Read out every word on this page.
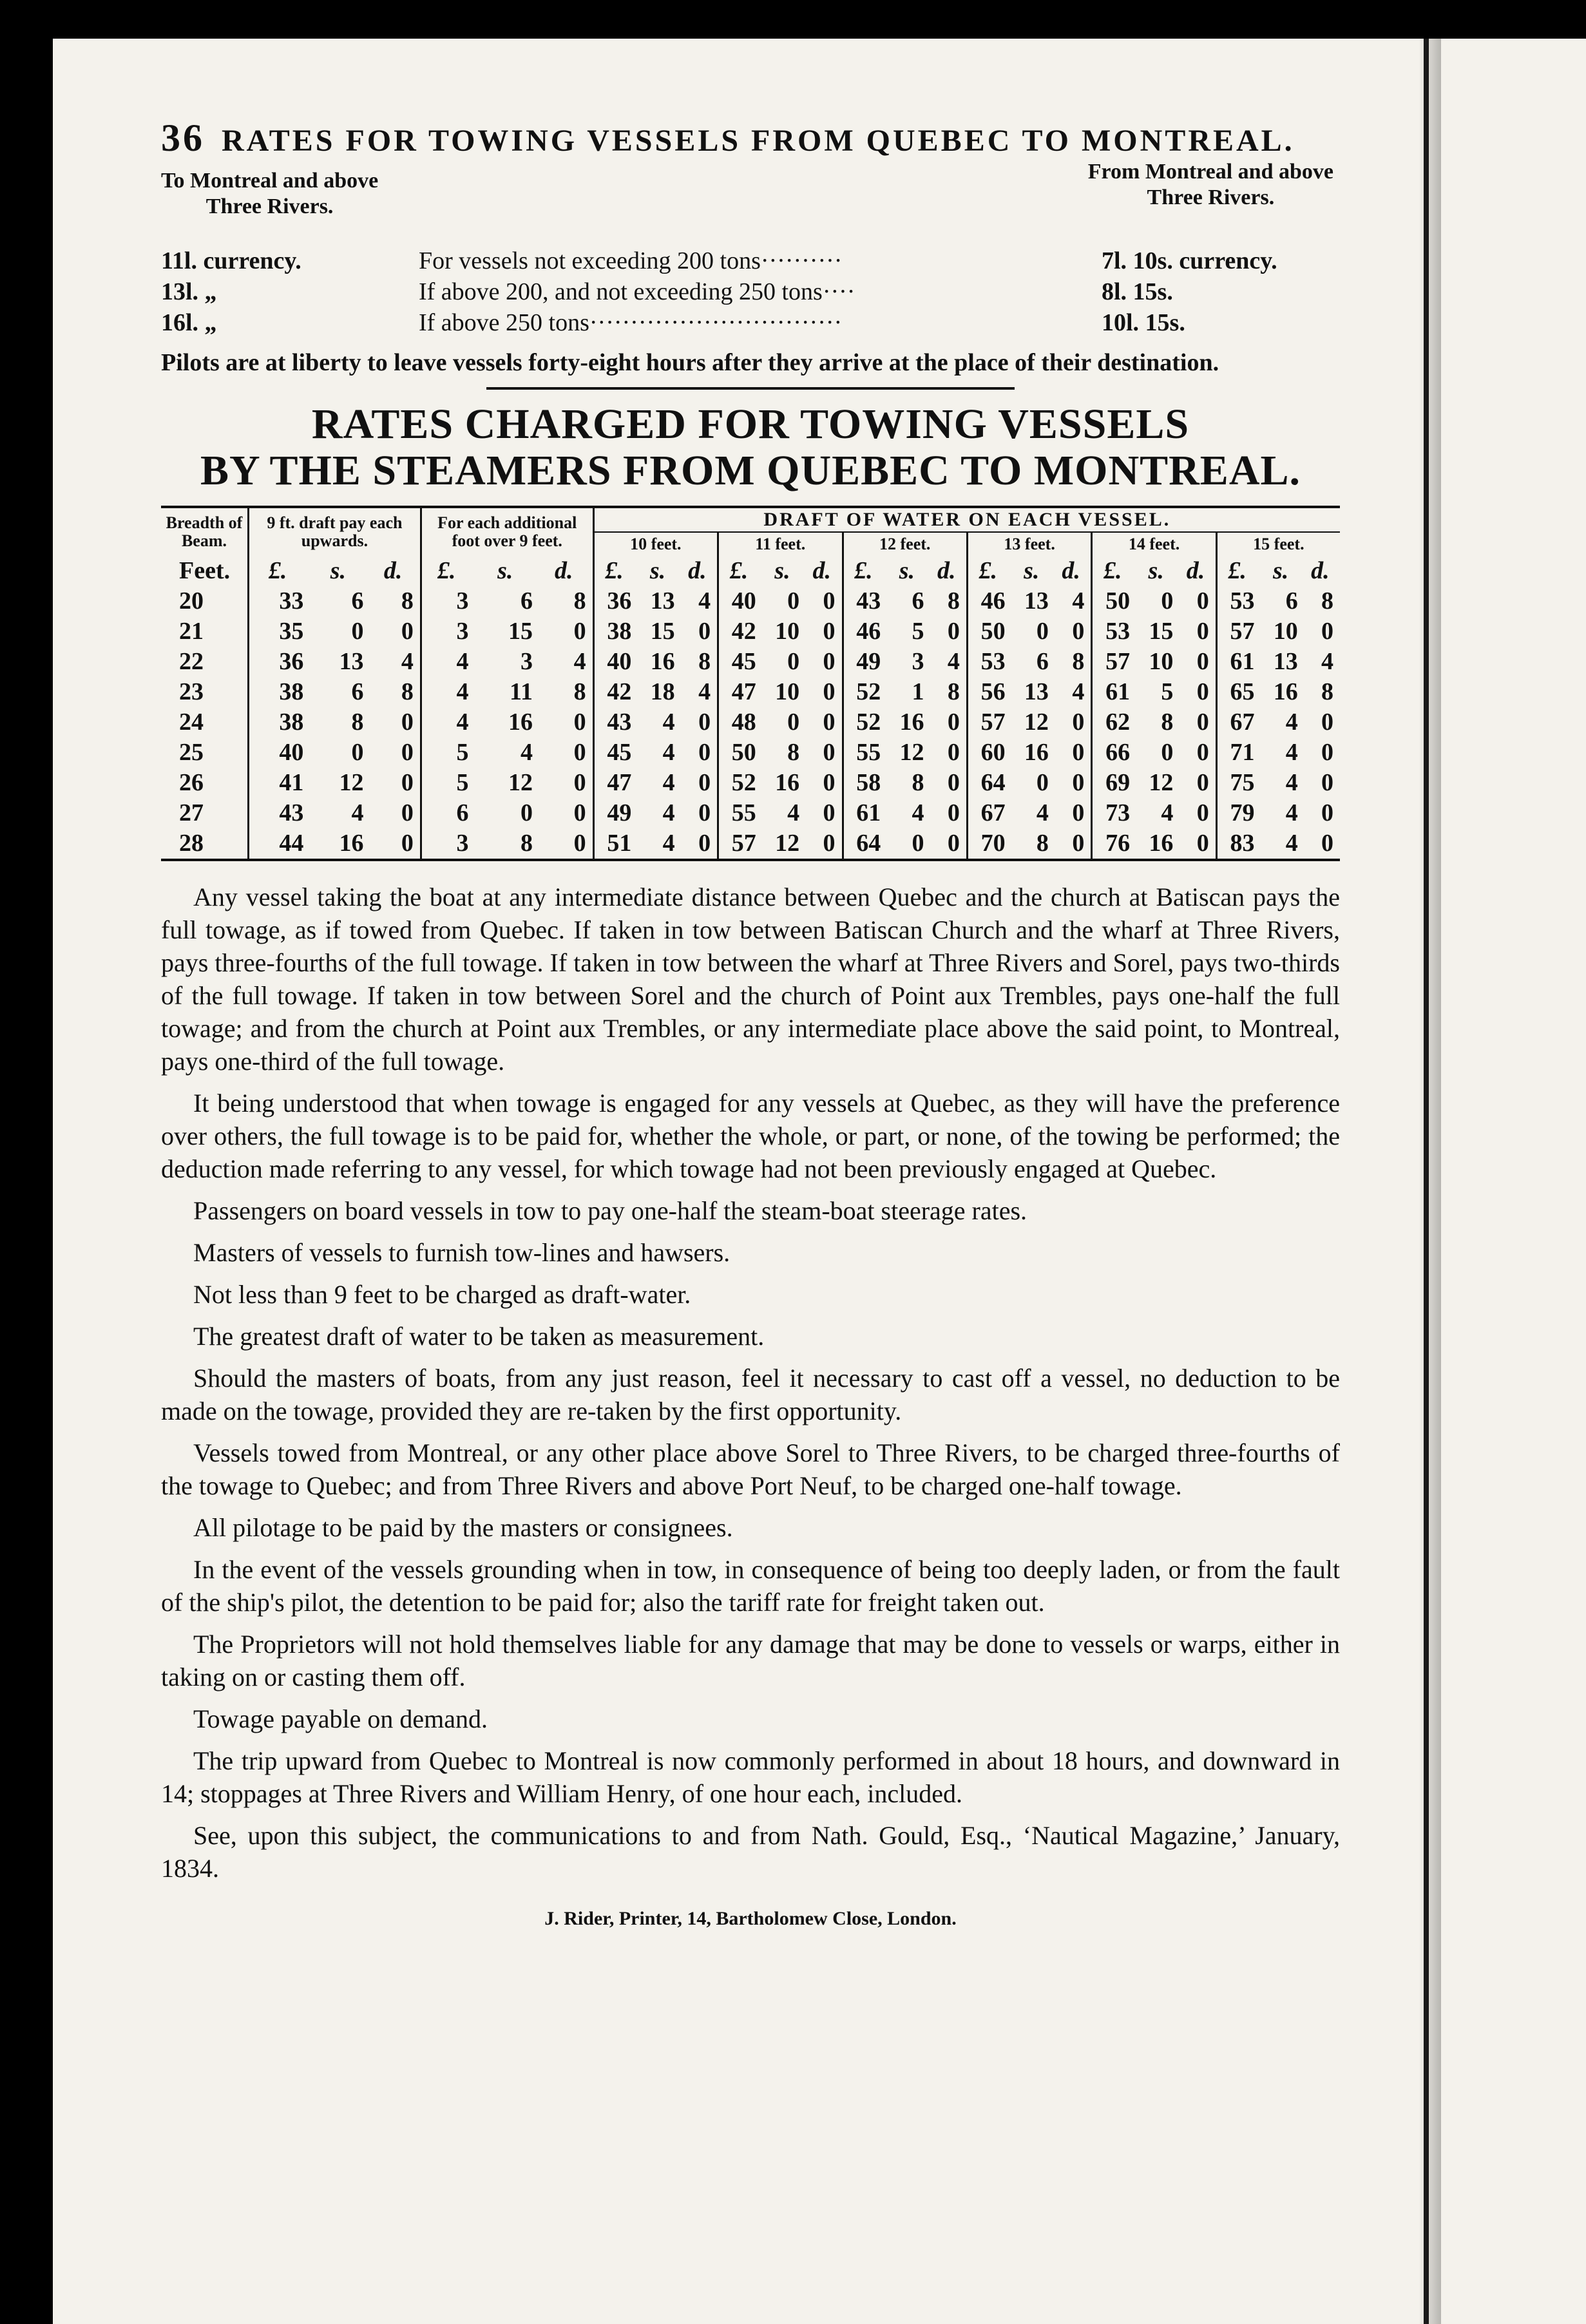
36 RATES FOR TOWING VESSELS FROM QUEBEC TO MONTREAL.
To Montreal and above
Three Rivers.
From Montreal and above
Three Rivers.
11l. currency.	For vessels not exceeding 200 tons··········	7l. 10s. currency.
13l. „	If above 200, and not exceeding 250 tons····	8l. 15s.
16l. „	If above 250 tons·······························	10l. 15s.
Pilots are at liberty to leave vessels forty-eight hours after they arrive at the place of their destination.
RATES CHARGED FOR TOWING VESSELS
BY THE STEAMERS FROM QUEBEC TO MONTREAL.
Breadth of Beam.	9 ft. draft pay each upwards.			For each additional foot over 9 feet.			DRAFT OF WATER ON EACH VESSEL.																	
							10 feet.			11 feet.			12 feet.			13 feet.			14 feet.			15 feet.		
Feet.	£.	s.	d.	£.	s.	d.	£.	s.	d.	£.	s.	d.	£.	s.	d.	£.	s.	d.	£.	s.	d.	£.	s.	d.
20	33	6	8	3	6	8	36	13	4	40	0	0	43	6	8	46	13	4	50	0	0	53	6	8
21	35	0	0	3	15	0	38	15	0	42	10	0	46	5	0	50	0	0	53	15	0	57	10	0
22	36	13	4	4	3	4	40	16	8	45	0	0	49	3	4	53	6	8	57	10	0	61	13	4
23	38	6	8	4	11	8	42	18	4	47	10	0	52	1	8	56	13	4	61	5	0	65	16	8
24	38	8	0	4	16	0	43	4	0	48	0	0	52	16	0	57	12	0	62	8	0	67	4	0
25	40	0	0	5	4	0	45	4	0	50	8	0	55	12	0	60	16	0	66	0	0	71	4	0
26	41	12	0	5	12	0	47	4	0	52	16	0	58	8	0	64	0	0	69	12	0	75	4	0
27	43	4	0	6	0	0	49	4	0	55	4	0	61	4	0	67	4	0	73	4	0	79	4	0
28	44	16	0	3	8	0	51	4	0	57	12	0	64	0	0	70	8	0	76	16	0	83	4	0

Any vessel taking the boat at any intermediate distance between Quebec and the church at Batiscan pays the full towage, as if towed from Quebec. If taken in tow between Batiscan Church and the wharf at Three Rivers, pays three-fourths of the full towage. If taken in tow between the wharf at Three Rivers and Sorel, pays two-thirds of the full towage. If taken in tow between Sorel and the church of Point aux Trembles, pays one-half the full towage; and from the church at Point aux Trembles, or any intermediate place above the said point, to Montreal, pays one-third of the full towage.

It being understood that when towage is engaged for any vessels at Quebec, as they will have the preference over others, the full towage is to be paid for, whether the whole, or part, or none, of the towing be performed; the deduction made referring to any vessel, for which towage had not been previously engaged at Quebec.

Passengers on board vessels in tow to pay one-half the steam-boat steerage rates.

Masters of vessels to furnish tow-lines and hawsers.

Not less than 9 feet to be charged as draft-water.

The greatest draft of water to be taken as measurement.

Should the masters of boats, from any just reason, feel it necessary to cast off a vessel, no deduction to be made on the towage, provided they are re-taken by the first opportunity.

Vessels towed from Montreal, or any other place above Sorel to Three Rivers, to be charged three-fourths of the towage to Quebec; and from Three Rivers and above Port Neuf, to be charged one-half towage.

All pilotage to be paid by the masters or consignees.

In the event of the vessels grounding when in tow, in consequence of being too deeply laden, or from the fault of the ship's pilot, the detention to be paid for; also the tariff rate for freight taken out.

The Proprietors will not hold themselves liable for any damage that may be done to vessels or warps, either in taking on or casting them off.

Towage payable on demand.

The trip upward from Quebec to Montreal is now commonly performed in about 18 hours, and downward in 14; stoppages at Three Rivers and William Henry, of one hour each, included.

See, upon this subject, the communications to and from Nath. Gould, Esq., ‘Nautical Magazine,’ January, 1834.

J. Rider, Printer, 14, Bartholomew Close, London.
